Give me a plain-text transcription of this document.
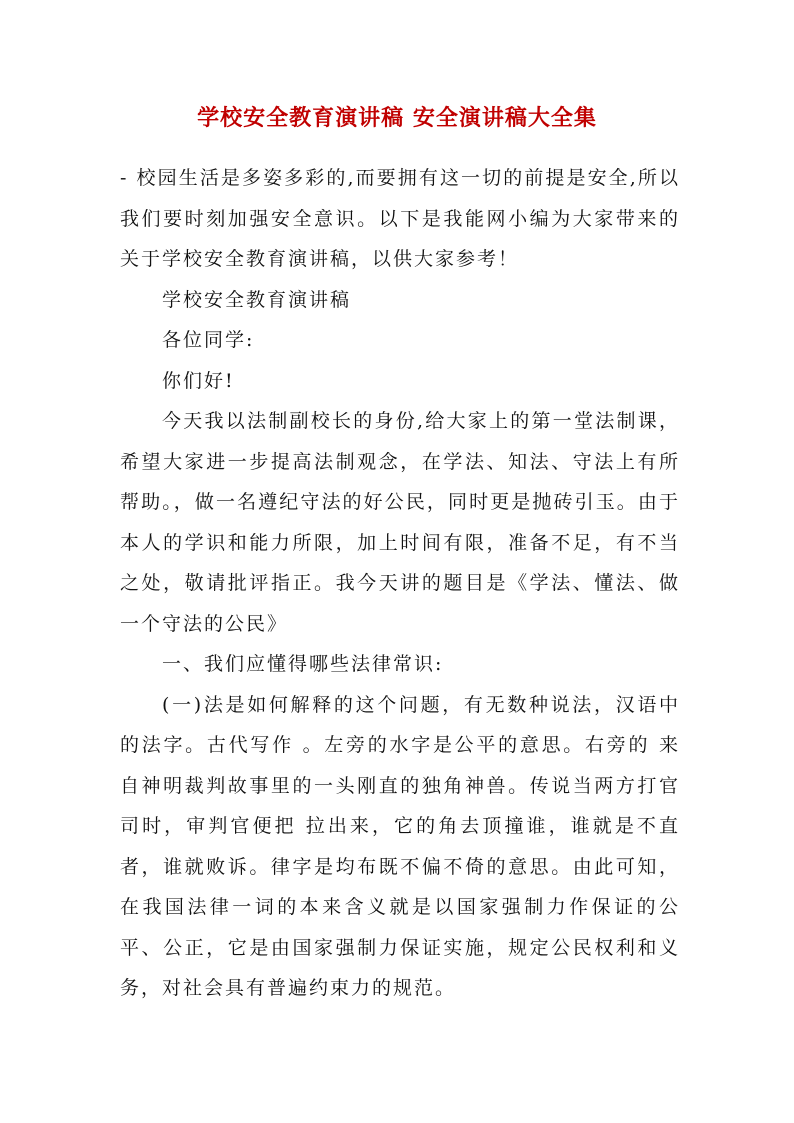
学校安全教育演讲稿 安全演讲稿大全集

- 校园生活是多姿多彩的,而要拥有这一切的前提是安全,所以我们要时刻加强安全意识。以下是我能网小编为大家带来的关于学校安全教育演讲稿，以供大家参考！

学校安全教育演讲稿

各位同学:

你们好!

今天我以法制副校长的身份,给大家上的第一堂法制课，希望大家进一步提高法制观念，在学法、知法、守法上有所帮助。，做一名遵纪守法的好公民，同时更是抛砖引玉。由于本人的学识和能力所限，加上时间有限，准备不足，有不当之处，敬请批评指正。我今天讲的题目是《学法、懂法、做一个守法的公民》

一、我们应懂得哪些法律常识:

(一)法是如何解释的这个问题，有无数种说法，汉语中的法字。古代写作 。左旁的水字是公平的意思。右旁的 来自神明裁判故事里的一头刚直的独角神兽。传说当两方打官司时，审判官便把 拉出来，它的角去顶撞谁，谁就是不直者，谁就败诉。律字是均布既不偏不倚的意思。由此可知，在我国法律一词的本来含义就是以国家强制力作保证的公平、公正，它是由国家强制力保证实施，规定公民权利和义务，对社会具有普遍约束力的规范。
